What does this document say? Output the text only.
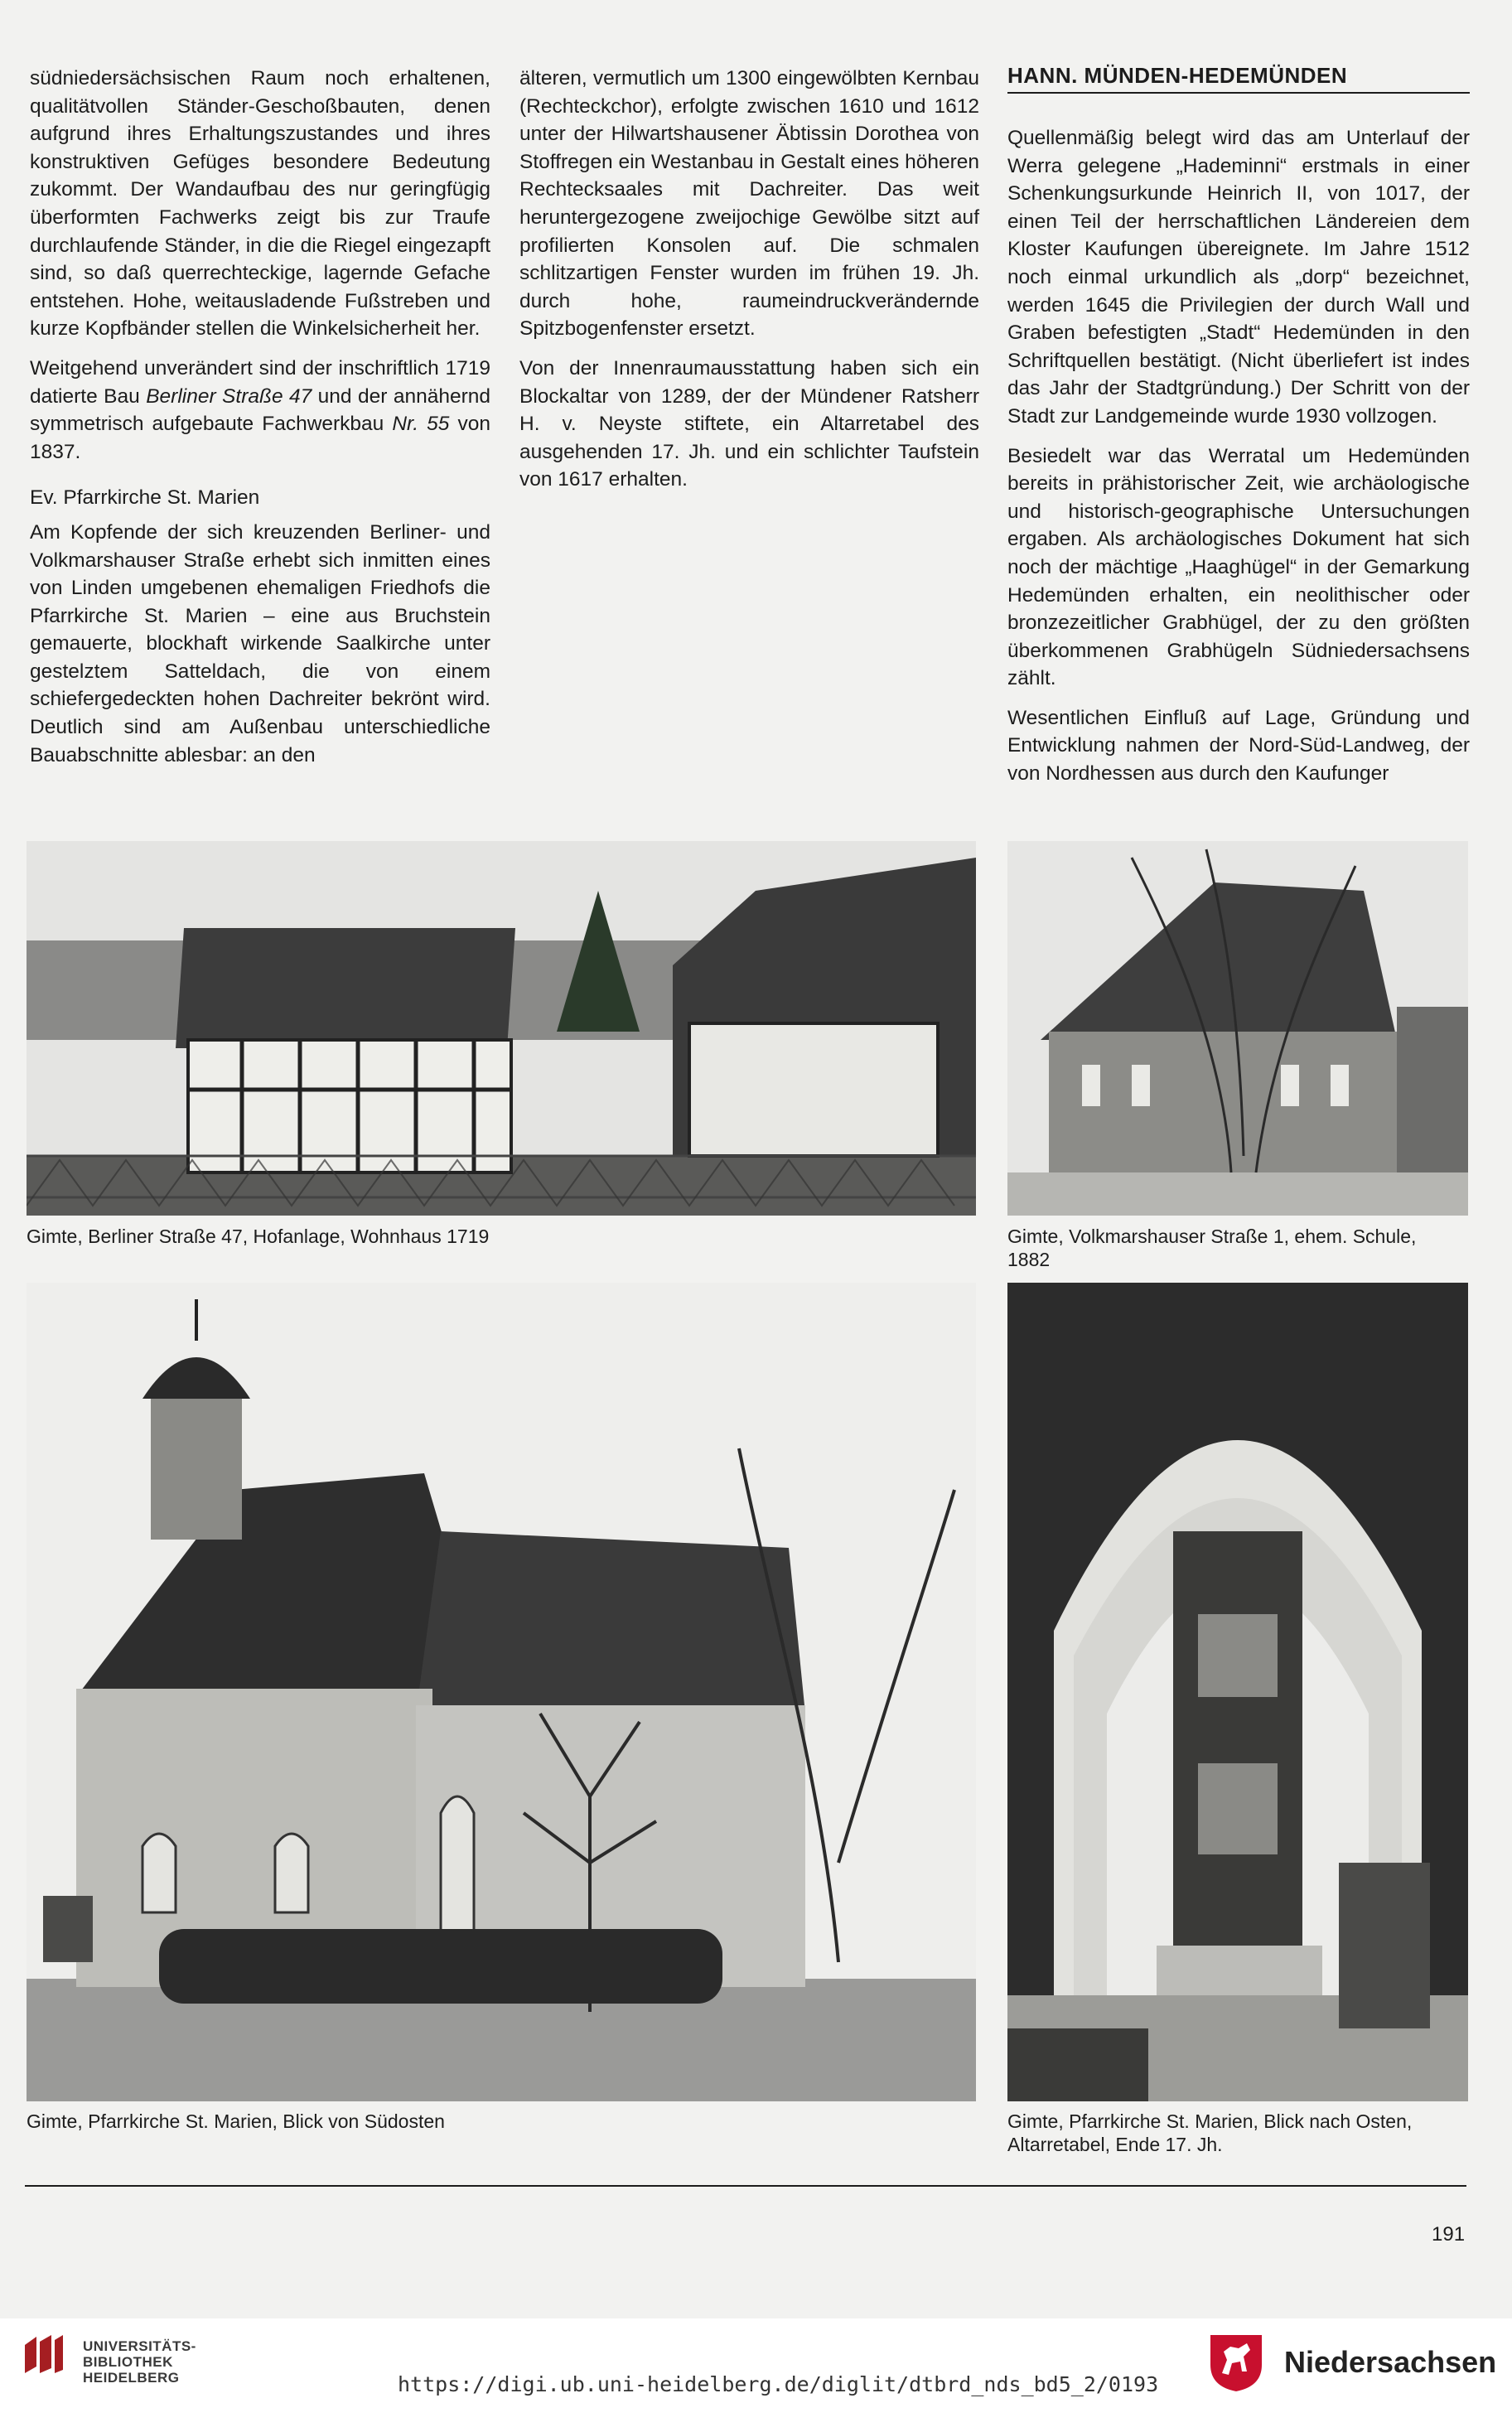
südniedersächsischen Raum noch erhaltenen, qualitätvollen Ständer-Geschoßbauten, denen aufgrund ihres Erhaltungszustandes und ihres konstruktiven Gefüges besondere Bedeutung zukommt. Der Wandaufbau des nur geringfügig überformten Fachwerks zeigt bis zur Traufe durchlaufende Ständer, in die die Riegel eingezapft sind, so daß querrechteckige, lagernde Gefache entstehen. Hohe, weitausladende Fußstreben und kurze Kopfbänder stellen die Winkelsicherheit her.

Weitgehend unverändert sind der inschriftlich 1719 datierte Bau Berliner Straße 47 und der annähernd symmetrisch aufgebaute Fachwerkbau Nr. 55 von 1837.

Ev. Pfarrkirche St. Marien

Am Kopfende der sich kreuzenden Berliner- und Volkmarshauser Straße erhebt sich inmitten eines von Linden umgebenen ehemaligen Friedhofs die Pfarrkirche St. Marien – eine aus Bruchstein gemauerte, blockhaft wirkende Saalkirche unter gestelztem Satteldach, die von einem schiefergedeckten hohen Dachreiter bekrönt wird. Deutlich sind am Außenbau unterschiedliche Bauabschnitte ablesbar: an den

älteren, vermutlich um 1300 eingewölbten Kernbau (Rechteckchor), erfolgte zwischen 1610 und 1612 unter der Hilwartshausener Äbtissin Dorothea von Stoffregen ein Westanbau in Gestalt eines höheren Rechtecksaales mit Dachreiter. Das weit heruntergezogene zweijochige Gewölbe sitzt auf profilierten Konsolen auf. Die schmalen schlitzartigen Fenster wurden im frühen 19. Jh. durch hohe, raumeindruckverändernde Spitzbogenfenster ersetzt.

Von der Innenraumausstattung haben sich ein Blockaltar von 1289, der der Mündener Ratsherr H. v. Neyste stiftete, ein Altarretabel des ausgehenden 17. Jh. und ein schlichter Taufstein von 1617 erhalten.

HANN. MÜNDEN-HEDEMÜNDEN

Quellenmäßig belegt wird das am Unterlauf der Werra gelegene „Hademinni“ erstmals in einer Schenkungsurkunde Heinrich II, von 1017, der einen Teil der herrschaftlichen Ländereien dem Kloster Kaufungen übereignete. Im Jahre 1512 noch einmal urkundlich als „dorp“ bezeichnet, werden 1645 die Privilegien der durch Wall und Graben befestigten „Stadt“ Hedemünden in den Schriftquellen bestätigt. (Nicht überliefert ist indes das Jahr der Stadtgründung.) Der Schritt von der Stadt zur Landgemeinde wurde 1930 vollzogen.

Besiedelt war das Werratal um Hedemünden bereits in prähistorischer Zeit, wie archäologische und historisch-geographische Untersuchungen ergaben. Als archäologisches Dokument hat sich noch der mächtige „Haaghügel“ in der Gemarkung Hedemünden erhalten, ein neolithischer oder bronzezeitlicher Grabhügel, der zu den größten überkommenen Grabhügeln Südniedersachsens zählt.

Wesentlichen Einfluß auf Lage, Gründung und Entwicklung nahmen der Nord-Süd-Landweg, der von Nordhessen aus durch den Kaufunger

Gimte, Berliner Straße 47, Hofanlage, Wohnhaus 1719	Gimte, Volkmarshauser Straße 1, ehem. Schule,
1882
Gimte, Pfarrkirche St. Marien, Blick von Südosten	Gimte, Pfarrkirche St. Marien, Blick nach Osten,
Altarretabel, Ende 17. Jh.
191
UNIVERSITÄTS-
BIBLIOTHEK
HEIDELBERG	https://digi.ub.uni-heidelberg.de/diglit/dtbrd_nds_bd5_2/0193
Niedersachsen
